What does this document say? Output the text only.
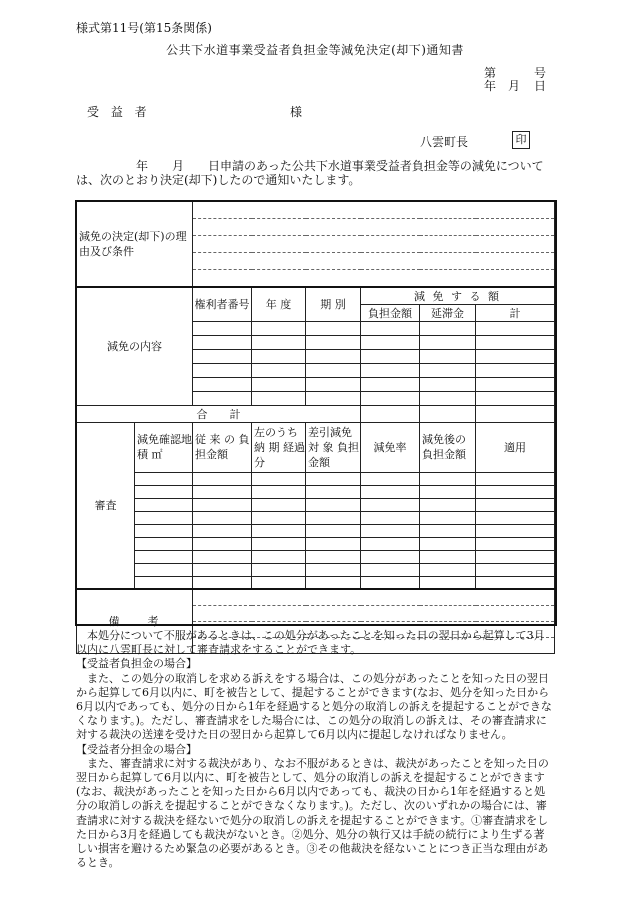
様式第11号(第15条関係)
公共下水道事業受益者負担金等減免決定(却下)通知書
第	号
年 月 日
受 益 者	様
八雲町長	印
　　　　　年　　月　　日申請のあった公共下水道事業受益者負担金等の減免については、次のとおり決定(却下)したので通知いたします。
減免の決定(却下)の理由及び条件							

減免の内容		権利者番号	年 度	期 別	減 免 す る 額		
					負担金額	延滞金	計

合　　計							
審査	減免確認地積 ㎡	従 来 の 負担金額	左のうち 納 期 経過分	差引減免 対 象 負担金額	減免率	減免後の負担金額	適用

備　　考							

本処分について不服があるときは、この処分があったことを知った日の翌日から起算して3月以内に八雲町長に対して審査請求をすることができます。

【受益者負担金の場合】

また、この処分の取消しを求める訴えをする場合は、この処分があったことを知った日の翌日から起算して6月以内に、町を被告として、提起することができます(なお、処分を知った日から6月以内であっても、処分の日から1年を経過すると処分の取消しの訴えを提起することができなくなります。)。ただし、審査請求をした場合には、この処分の取消しの訴えは、その審査請求に対する裁決の送達を受けた日の翌日から起算して6月以内に提起しなければなりません。

【受益者分担金の場合】

また、審査請求に対する裁決があり、なお不服があるときは、裁決があったことを知った日の翌日から起算して6月以内に、町を被告として、処分の取消しの訴えを提起することができます(なお、裁決があったことを知った日から6月以内であっても、裁決の日から1年を経過すると処分の取消しの訴えを提起することができなくなります。)。ただし、次のいずれかの場合には、審査請求に対する裁決を経ないで処分の取消しの訴えを提起することができます。①審査請求をした日から3月を経過しても裁決がないとき。②処分、処分の執行又は手続の続行により生ずる著しい損害を避けるため緊急の必要があるとき。③その他裁決を経ないことにつき正当な理由があるとき。
